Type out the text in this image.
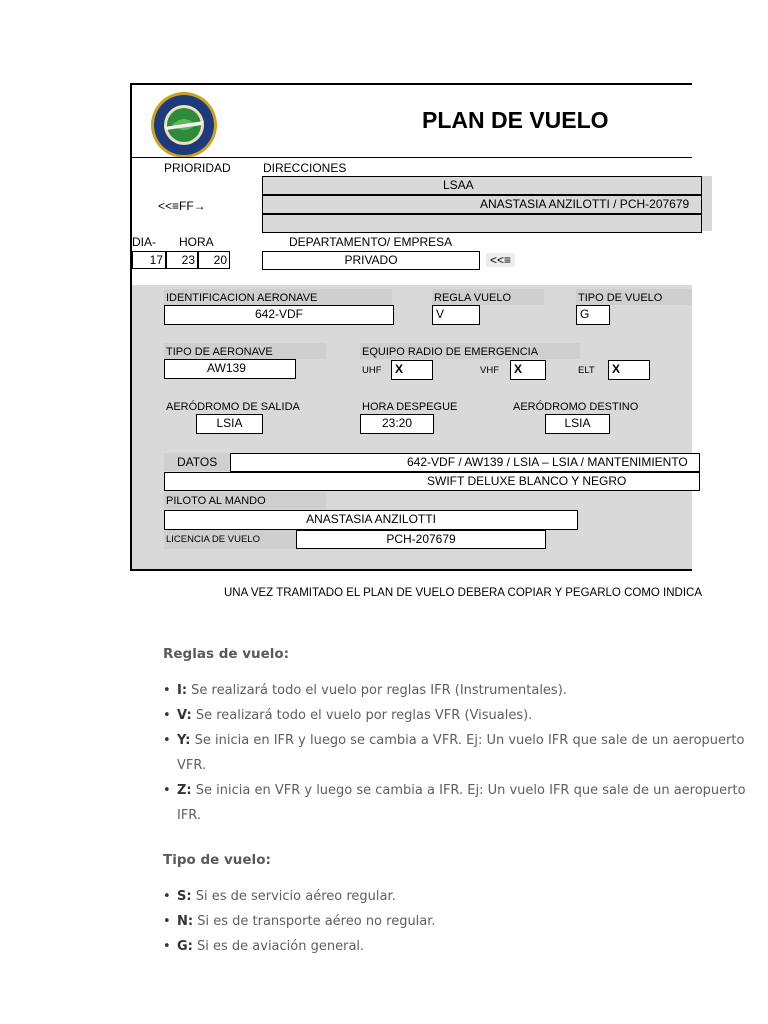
PLAN DE VUELO
PRIORIDAD	DIRECCIONES
<<≡FF→
LSAA
ANASTASIA ANZILOTTI / PCH-207679
DIA- HORA
17	23	20
DEPARTAMENTO/ EMPRESA
PRIVADO	<<≡
IDENTIFICACION AERONAVE
642-VDF
REGLA VUELO
V
TIPO DE VUELO
G
TIPO DE AERONAVE
AW139
EQUIPO RADIO DE EMERGENCIA
UHF	X	VHF	X	ELT	X
AERÓDROMO DE SALIDA
LSIA
HORA DESPEGUE
23:20
AERÓDROMO DESTINO
LSIA
DATOS	642-VDF / AW139 / LSIA – LSIA / MANTENIMIENTO
SWIFT DELUXE BLANCO Y NEGRO
PILOTO AL MANDO
ANASTASIA ANZILOTTI
LICENCIA DE VUELO	PCH-207679
UNA VEZ TRAMITADO EL PLAN DE VUELO DEBERA COPIAR Y PEGARLO COMO INDICA
Reglas de vuelo:
• I: Se realizará todo el vuelo por reglas IFR (Instrumentales).
• V: Se realizará todo el vuelo por reglas VFR (Visuales).
• Y: Se inicia en IFR y luego se cambia a VFR. Ej: Un vuelo IFR que sale de un aeropuerto
VFR.
• Z: Se inicia en VFR y luego se cambia a IFR. Ej: Un vuelo IFR que sale de un aeropuerto
IFR.
Tipo de vuelo:
• S: Si es de servicio aéreo regular.
• N: Si es de transporte aéreo no regular.
• G: Si es de aviación general.
